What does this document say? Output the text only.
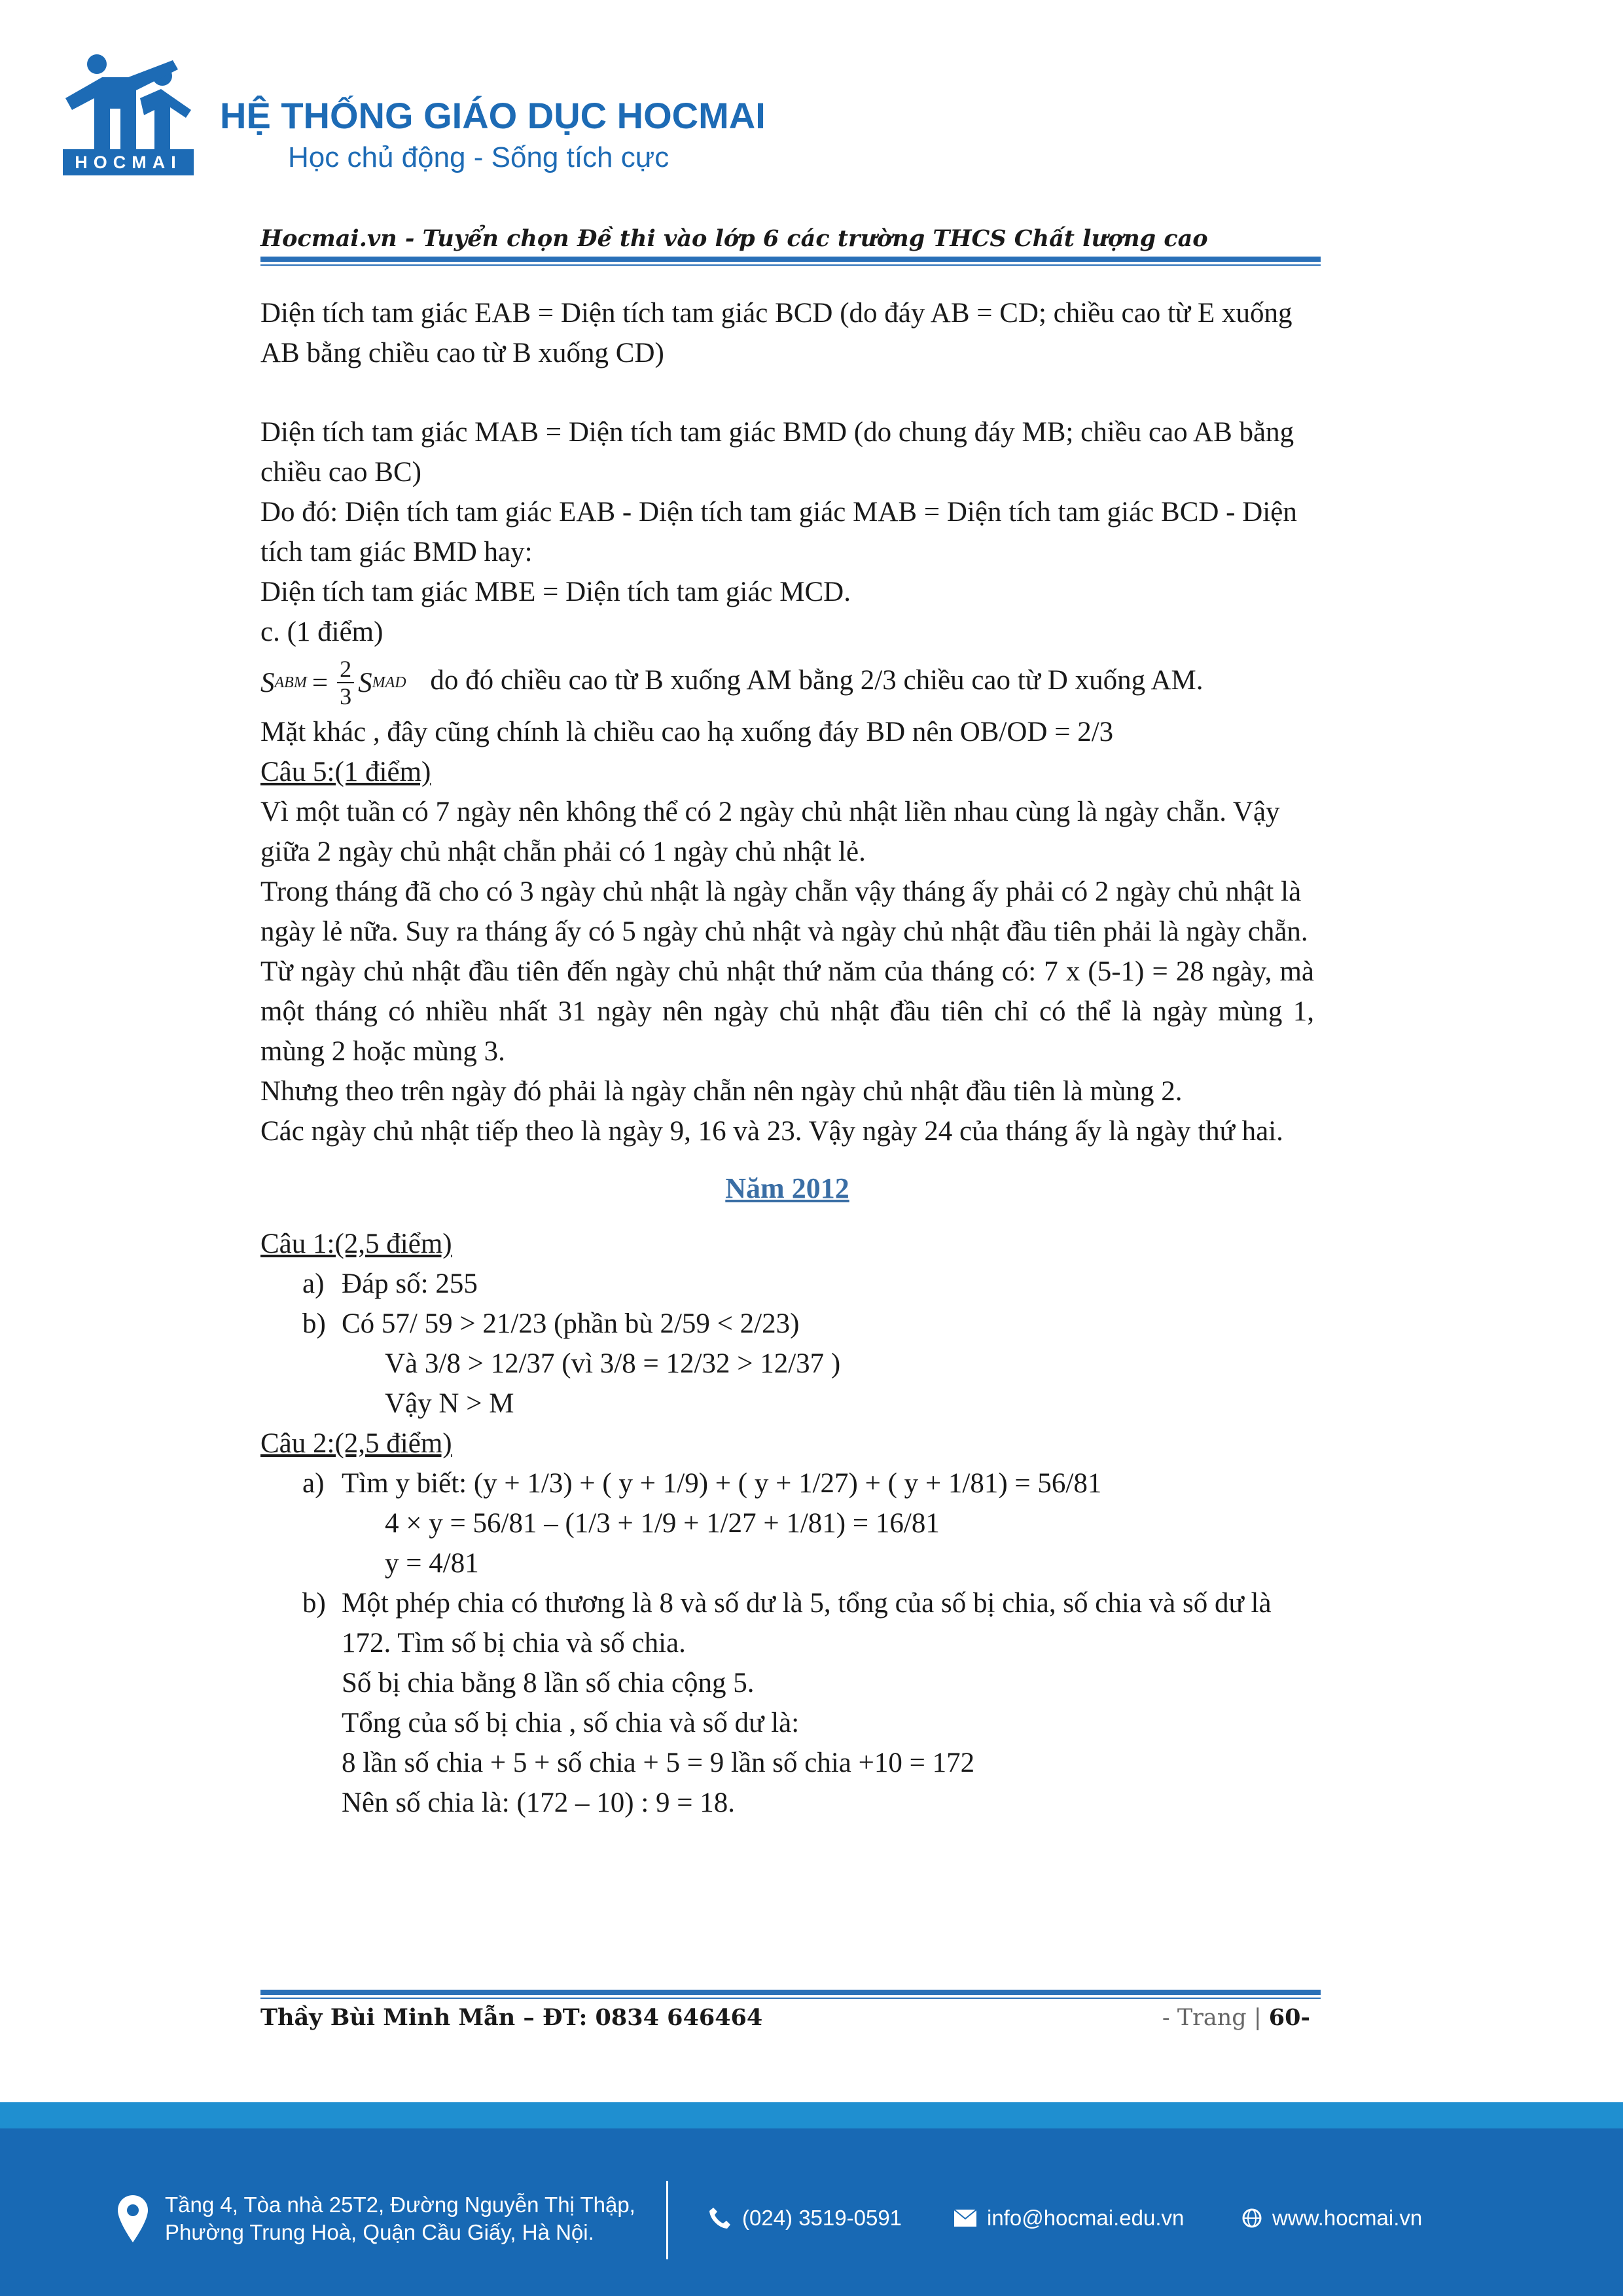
HOCMAI
HỆ THỐNG GIÁO DỤC HOCMAI
Học chủ động - Sống tích cực
Hocmai.vn - Tuyển chọn Đề thi vào lớp 6 các trường THCS Chất lượng cao

Diện tích tam giác EAB = Diện tích tam giác BCD (do đáy AB = CD; chiều cao từ E xuống AB bằng chiều cao từ B xuống CD)

Diện tích tam giác MAB = Diện tích tam giác BMD (do chung đáy MB; chiều cao AB bằng chiều cao BC)

Do đó: Diện tích tam giác EAB - Diện tích tam giác MAB = Diện tích tam giác BCD - Diện tích tam giác BMD hay:

Diện tích tam giác MBE = Diện tích tam giác MCD.

c. (1 điểm)

S ABM = $\frac{2}{3}$ S MAD do đó chiều cao từ B xuống AM bằng 2/3 chiều cao từ D xuống AM.

Mặt khác , đây cũng chính là chiều cao hạ xuống đáy BD nên OB/OD = 2/3

Câu 5:(1 điểm)

Vì một tuần có 7 ngày nên không thể có 2 ngày chủ nhật liền nhau cùng là ngày chẵn. Vậy giữa 2 ngày chủ nhật chẵn phải có 1 ngày chủ nhật lẻ.

Trong tháng đã cho có 3 ngày chủ nhật là ngày chẵn vậy tháng ấy phải có 2 ngày chủ nhật là ngày lẻ nữa. Suy ra tháng ấy có 5 ngày chủ nhật và ngày chủ nhật đầu tiên phải là ngày chẵn.

Từ ngày chủ nhật đầu tiên đến ngày chủ nhật thứ năm của tháng có: 7 x (5-1) = 28 ngày, mà một tháng có nhiều nhất 31 ngày nên ngày chủ nhật đầu tiên chỉ có thể là ngày mùng 1, mùng 2 hoặc mùng 3.

Nhưng theo trên ngày đó phải là ngày chẵn nên ngày chủ nhật đầu tiên là mùng 2.

Các ngày chủ nhật tiếp theo là ngày 9, 16 và 23. Vậy ngày 24 của tháng ấy là ngày thứ hai.

Năm 2012

Câu 1:(2,5 điểm)

a) Đáp số: 255
b) Có 57/ 59 > 21/23 (phần bù 2/59 < 2/23)

Và 3/8 > 12/37 (vì 3/8 = 12/32 > 12/37 )

Vậy N > M

Câu 2:(2,5 điểm)

a) Tìm y biết: (y + 1/3) + ( y + 1/9) + ( y + 1/27) + ( y + 1/81) = 56/81

4 × y = 56/81 – (1/3 + 1/9 + 1/27 + 1/81) = 16/81

y = 4/81

b) Một phép chia có thương là 8 và số dư là 5, tổng của số bị chia, số chia và số dư là 172. Tìm số bị chia và số chia.

Số bị chia bằng 8 lần số chia cộng 5.

Tổng của số bị chia , số chia và số dư là:

8 lần số chia + 5 + số chia + 5 = 9 lần số chia +10 = 172

Nên số chia là: (172 – 10) : 9 = 18.

Thầy Bùi Minh Mẫn – ĐT: 0834 646464	- Trang | 60-
Tầng 4, Tòa nhà 25T2, Đường Nguyễn Thị Thập,
Phường Trung Hoà, Quận Cầu Giấy, Hà Nội.
(024) 3519-0591	info@hocmai.edu.vn	www.hocmai.vn
